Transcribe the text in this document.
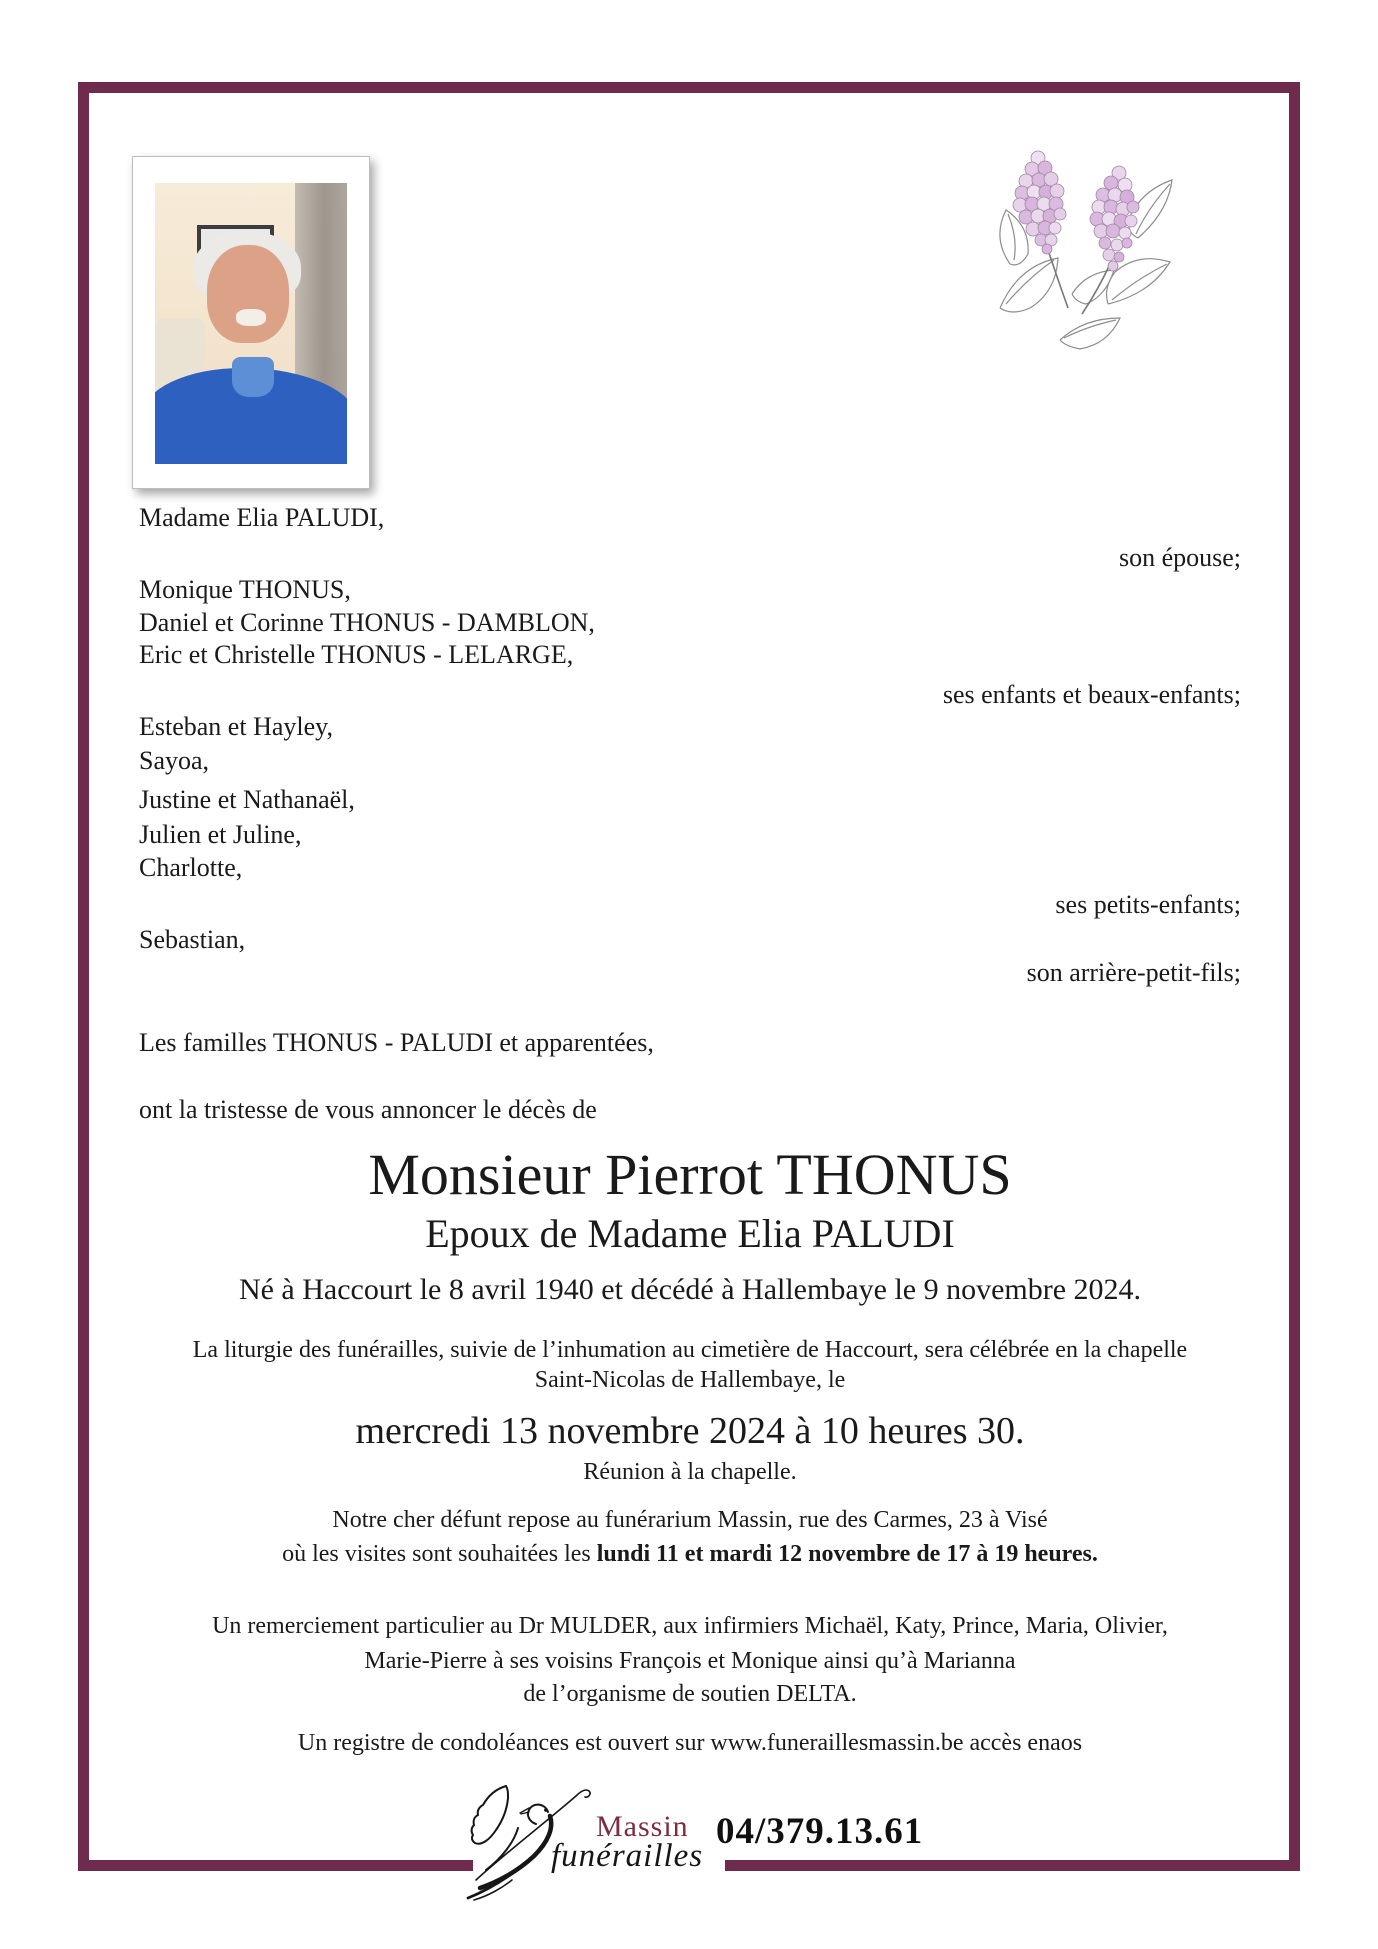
Madame Elia PALUDI,
son épouse;
Monique THONUS,
Daniel et Corinne THONUS - DAMBLON,
Eric et Christelle THONUS - LELARGE,
ses enfants et beaux-enfants;
Esteban et Hayley,
Sayoa,
Justine et Nathanaël,
Julien et Juline,
Charlotte,
ses petits-enfants;
Sebastian,
son arrière-petit-fils;
Les familles THONUS - PALUDI et apparentées,
ont la tristesse de vous annoncer le décès de
Monsieur Pierrot THONUS
Epoux de Madame Elia PALUDI
Né à Haccourt le 8 avril 1940 et décédé à Hallembaye le 9 novembre 2024.
La liturgie des funérailles, suivie de l’inhumation au cimetière de Haccourt, sera célébrée en la chapelle
Saint-Nicolas de Hallembaye, le
mercredi 13 novembre 2024 à 10 heures 30.
Réunion à la chapelle.
Notre cher défunt repose au funérarium Massin, rue des Carmes, 23 à Visé
où les visites sont souhaitées les lundi 11 et mardi 12 novembre de 17 à 19 heures.
Un remerciement particulier au Dr MULDER, aux infirmiers Michaël, Katy, Prince, Maria, Olivier,
Marie-Pierre à ses voisins François et Monique ainsi qu’à Marianna
de l’organisme de soutien DELTA.
Un registre de condoléances est ouvert sur www.funeraillesmassin.be accès enaos
Massin
funérailles
04/379.13.61
